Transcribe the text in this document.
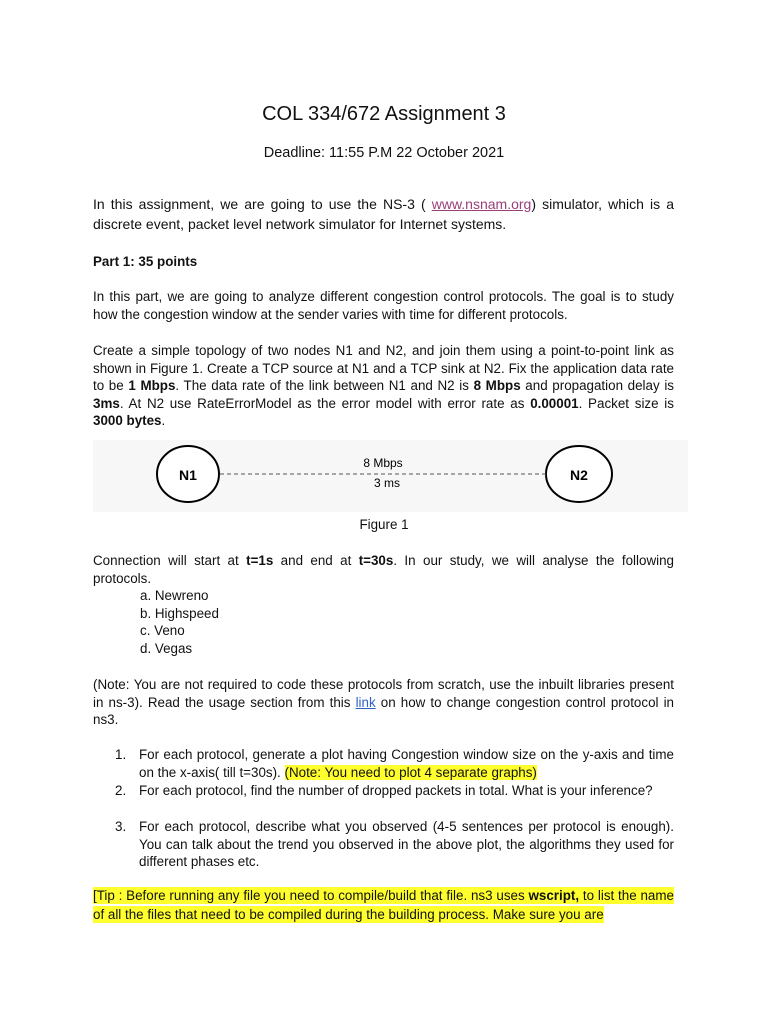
COL 334/672 Assignment 3
Deadline: 11:55 P.M 22 October 2021
In this assignment, we are going to use the NS-3 ( www.nsnam.org) simulator, which is a discrete event, packet level network simulator for Internet systems.
Part 1: 35 points
In this part, we are going to analyze different congestion control protocols. The goal is to study how the congestion window at the sender varies with time for different protocols.
Create a simple topology of two nodes N1 and N2, and join them using a point-to-point link as shown in Figure 1. Create a TCP source at N1 and a TCP sink at N2. Fix the application data rate to be 1 Mbps. The data rate of the link between N1 and N2 is 8 Mbps and propagation delay is 3ms. At N2 use RateErrorModel as the error model with error rate as 0.00001. Packet size is 3000 bytes.
N1	N2
8 Mbps
3 ms
Figure 1
Connection will start at t=1s and end at t=30s. In our study, we will analyse the following protocols.
a. Newreno
b. Highspeed
c. Veno
d. Vegas
(Note: You are not required to code these protocols from scratch, use the inbuilt libraries present in ns-3). Read the usage section from this link on how to change congestion control protocol in ns3.
1. For each protocol, generate a plot having Congestion window size on the y-axis and time on the x-axis( till t=30s). (Note: You need to plot 4 separate graphs)
2. For each protocol, find the number of dropped packets in total. What is your inference?
3. For each protocol, describe what you observed (4-5 sentences per protocol is enough). You can talk about the trend you observed in the above plot, the algorithms they used for different phases etc.
[Tip : Before running any file you need to compile/build that file. ns3 uses wscript, to list the name of all the files that need to be compiled during the building process. Make sure you are
